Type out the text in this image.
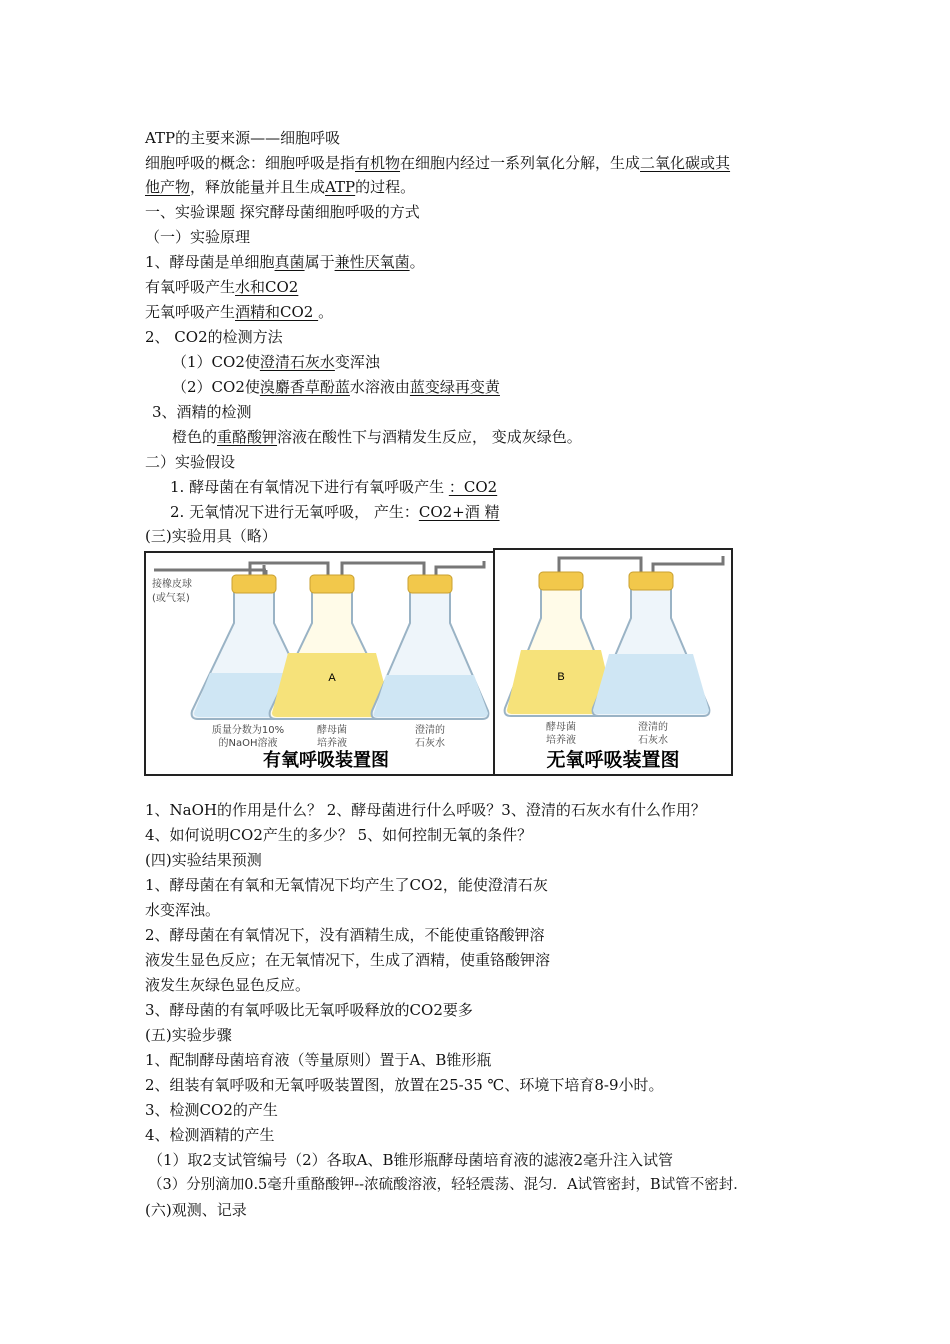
ATP的主要来源——细胞呼吸
细胞呼吸的概念：细胞呼吸是指有机物在细胞内经过一系列氧化分解，生成二氧化碳或其
他产物，释放能量并且生成ATP的过程。
一、实验课题 探究酵母菌细胞呼吸的方式
（一）实验原理
1、酵母菌是单细胞真菌属于兼性厌氧菌。
有氧呼吸产生水和CO2
无氧呼吸产生酒精和CO2 。
2、 CO2的检测方法
（1）CO2使澄清石灰水变浑浊
（2）CO2使溴麝香草酚蓝水溶液由蓝变绿再变黄
3、酒精的检测
橙色的重酪酸钾溶液在酸性下与酒精发生反应， 变成灰绿色。
二）实验假设
1. 酵母菌在有氧情况下进行有氧呼吸产生 ：CO2
2. 无氧情况下进行无氧呼吸， 产生：CO2+酒 精
(三)实验用具（略）
A
接橡皮球
(或气泵)
质量分数为10%
的NaOH溶液
酵母菌
培养液
澄清的
石灰水
有氧呼吸装置图
B
酵母菌
培养液
澄清的
石灰水
无氧呼吸装置图
1、NaOH的作用是什么？ 2、酵母菌进行什么呼吸？3、澄清的石灰水有什么作用？
4、如何说明CO2产生的多少？ 5、如何控制无氧的条件？
(四)实验结果预测
1、酵母菌在有氧和无氧情况下均产生了CO2，能使澄清石灰
水变浑浊。
2、酵母菌在有氧情况下，没有酒精生成，不能使重铬酸钾溶
液发生显色反应；在无氧情况下，生成了酒精，使重铬酸钾溶
液发生灰绿色显色反应。
3、酵母菌的有氧呼吸比无氧呼吸释放的CO2要多
(五)实验步骤
1、配制酵母菌培育液（等量原则）置于A、B锥形瓶
2、组装有氧呼吸和无氧呼吸装置图，放置在25-35 ℃、环境下培育8-9小时。
3、检测CO2的产生
4、检测酒精的产生
（1）取2支试管编号（2）各取A、B锥形瓶酵母菌培育液的滤液2毫升注入试管
（3）分别滴加0.5毫升重酪酸钾--浓硫酸溶液，轻轻震荡、混匀．A试管密封，B试管不密封．
(六)观测、记录
